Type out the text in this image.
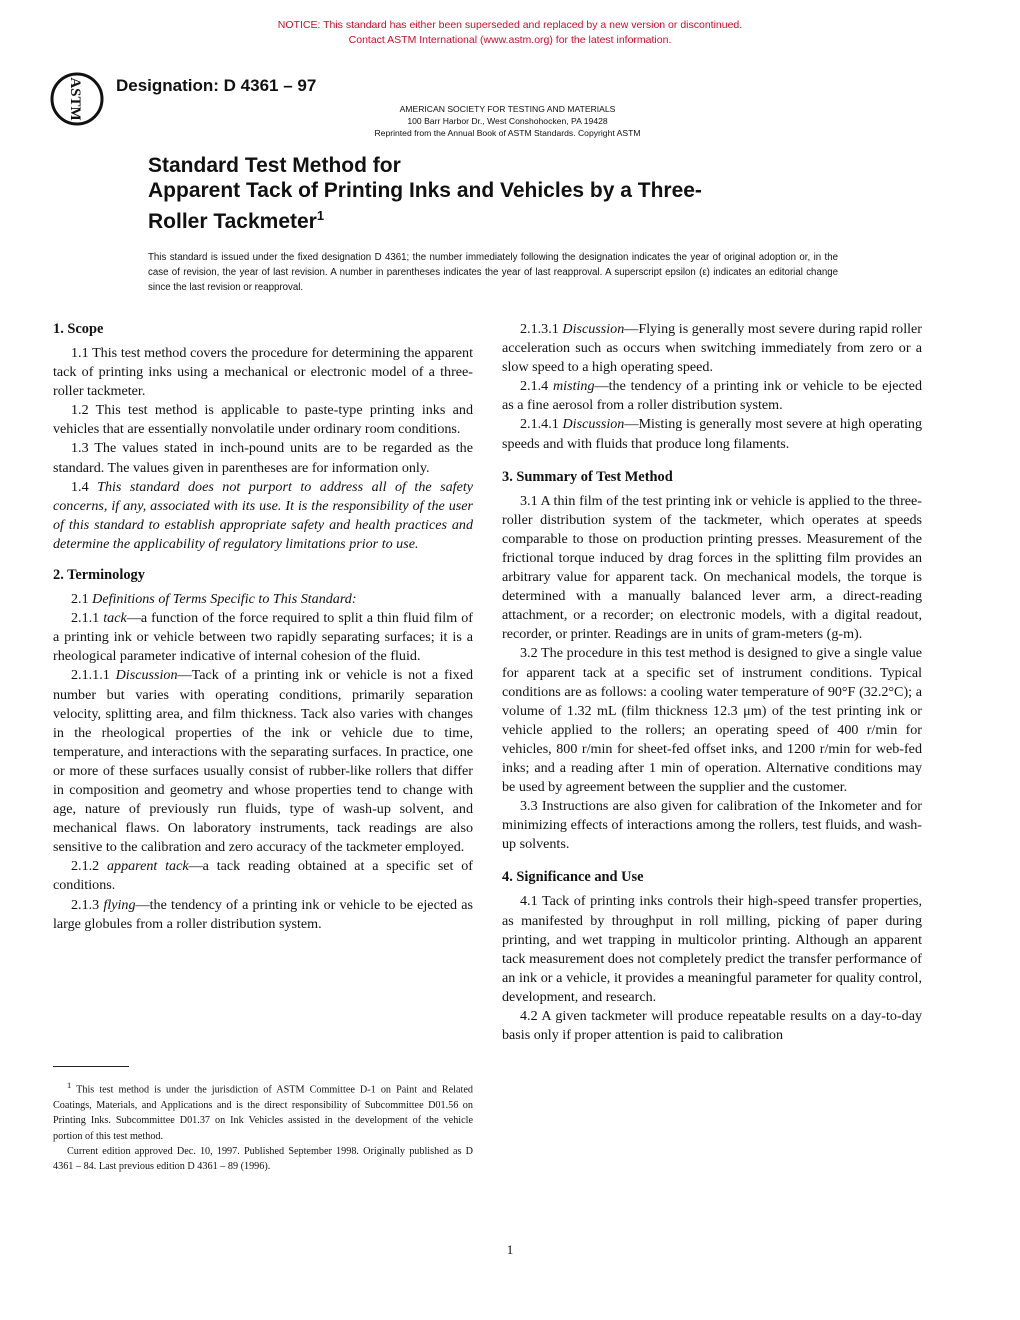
NOTICE: This standard has either been superseded and replaced by a new version or discontinued.
Contact ASTM International (www.astm.org) for the latest information.
ASTM Designation: D 4361 – 97
AMERICAN SOCIETY FOR TESTING AND MATERIALS
100 Barr Harbor Dr., West Conshohocken, PA 19428
Reprinted from the Annual Book of ASTM Standards. Copyright ASTM
Standard Test Method for
Apparent Tack of Printing Inks and Vehicles by a Three-
Roller Tackmeter$^1$
This standard is issued under the fixed designation D 4361; the number immediately following the designation indicates the year of original adoption or, in the case of revision, the year of last revision. A number in parentheses indicates the year of last reapproval. A superscript epsilon (ε) indicates an editorial change since the last revision or reapproval.
1. Scope

1.1 This test method covers the procedure for determining the apparent tack of printing inks using a mechanical or electronic model of a three-roller tackmeter.

1.2 This test method is applicable to paste-type printing inks and vehicles that are essentially nonvolatile under ordinary room conditions.

1.3 The values stated in inch-pound units are to be regarded as the standard. The values given in parentheses are for information only.

1.4 This standard does not purport to address all of the safety concerns, if any, associated with its use. It is the responsibility of the user of this standard to establish appropriate safety and health practices and determine the applicability of regulatory limitations prior to use.

2. Terminology

2.1 Definitions of Terms Specific to This Standard:

2.1.1 tack—a function of the force required to split a thin fluid film of a printing ink or vehicle between two rapidly separating surfaces; it is a rheological parameter indicative of internal cohesion of the fluid.

2.1.1.1 Discussion—Tack of a printing ink or vehicle is not a fixed number but varies with operating conditions, primarily separation velocity, splitting area, and film thickness. Tack also varies with changes in the rheological properties of the ink or vehicle due to time, temperature, and interactions with the separating surfaces. In practice, one or more of these surfaces usually consist of rubber-like rollers that differ in composition and geometry and whose properties tend to change with age, nature of previously run fluids, type of wash-up solvent, and mechanical flaws. On laboratory instruments, tack readings are also sensitive to the calibration and zero accuracy of the tackmeter employed.

2.1.2 apparent tack—a tack reading obtained at a specific set of conditions.

2.1.3 flying—the tendency of a printing ink or vehicle to be ejected as large globules from a roller distribution system.

$^1$ This test method is under the jurisdiction of ASTM Committee D-1 on Paint and Related Coatings, Materials, and Applications and is the direct responsibility of Subcommittee D01.56 on Printing Inks. Subcommittee D01.37 on Ink Vehicles assisted in the development of the vehicle portion of this test method.

Current edition approved Dec. 10, 1997. Published September 1998. Originally published as D 4361 – 84. Last previous edition D 4361 – 89 (1996).

2.1.3.1 Discussion—Flying is generally most severe during rapid roller acceleration such as occurs when switching immediately from zero or a slow speed to a high operating speed.

2.1.4 misting—the tendency of a printing ink or vehicle to be ejected as a fine aerosol from a roller distribution system.

2.1.4.1 Discussion—Misting is generally most severe at high operating speeds and with fluids that produce long filaments.

3. Summary of Test Method

3.1 A thin film of the test printing ink or vehicle is applied to the three-roller distribution system of the tackmeter, which operates at speeds comparable to those on production printing presses. Measurement of the frictional torque induced by drag forces in the splitting film provides an arbitrary value for apparent tack. On mechanical models, the torque is determined with a manually balanced lever arm, a direct-reading attachment, or a recorder; on electronic models, with a digital readout, recorder, or printer. Readings are in units of gram-meters (g-m).

3.2 The procedure in this test method is designed to give a single value for apparent tack at a specific set of instrument conditions. Typical conditions are as follows: a cooling water temperature of 90°F (32.2°C); a volume of 1.32 mL (film thickness 12.3 μm) of the test printing ink or vehicle applied to the rollers; an operating speed of 400 r/min for vehicles, 800 r/min for sheet-fed offset inks, and 1200 r/min for web-fed inks; and a reading after 1 min of operation. Alternative conditions may be used by agreement between the supplier and the customer.

3.3 Instructions are also given for calibration of the Inkometer and for minimizing effects of interactions among the rollers, test fluids, and wash-up solvents.

4. Significance and Use

4.1 Tack of printing inks controls their high-speed transfer properties, as manifested by throughput in roll milling, picking of paper during printing, and wet trapping in multicolor printing. Although an apparent tack measurement does not completely predict the transfer performance of an ink or a vehicle, it provides a meaningful parameter for quality control, development, and research.

4.2 A given tackmeter will produce repeatable results on a day-to-day basis only if proper attention is paid to calibration

1
